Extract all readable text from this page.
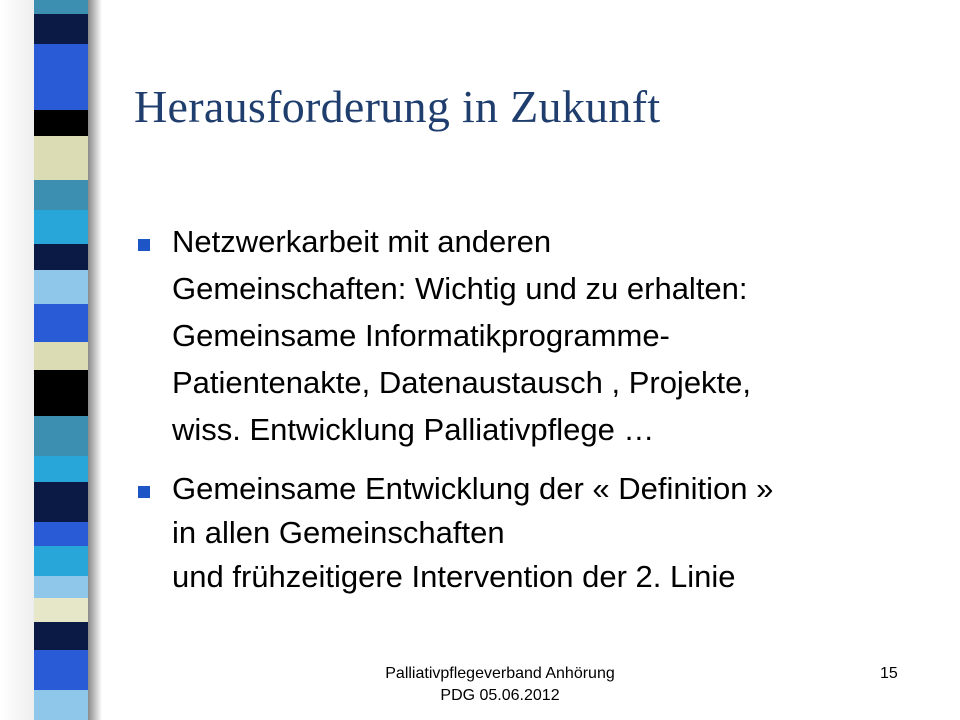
Herausforderung in Zukunft
Netzwerkarbeit mit anderen
Gemeinschaften: Wichtig und zu erhalten:
Gemeinsame Informatikprogramme-
Patientenakte, Datenaustausch , Projekte,
wiss. Entwicklung Palliativpflege …
Gemeinsame Entwicklung der « Definition »
in allen Gemeinschaften
und frühzeitigere Intervention der 2. Linie
Palliativpflegeverband Anhörung
PDG 05.06.2012
15
